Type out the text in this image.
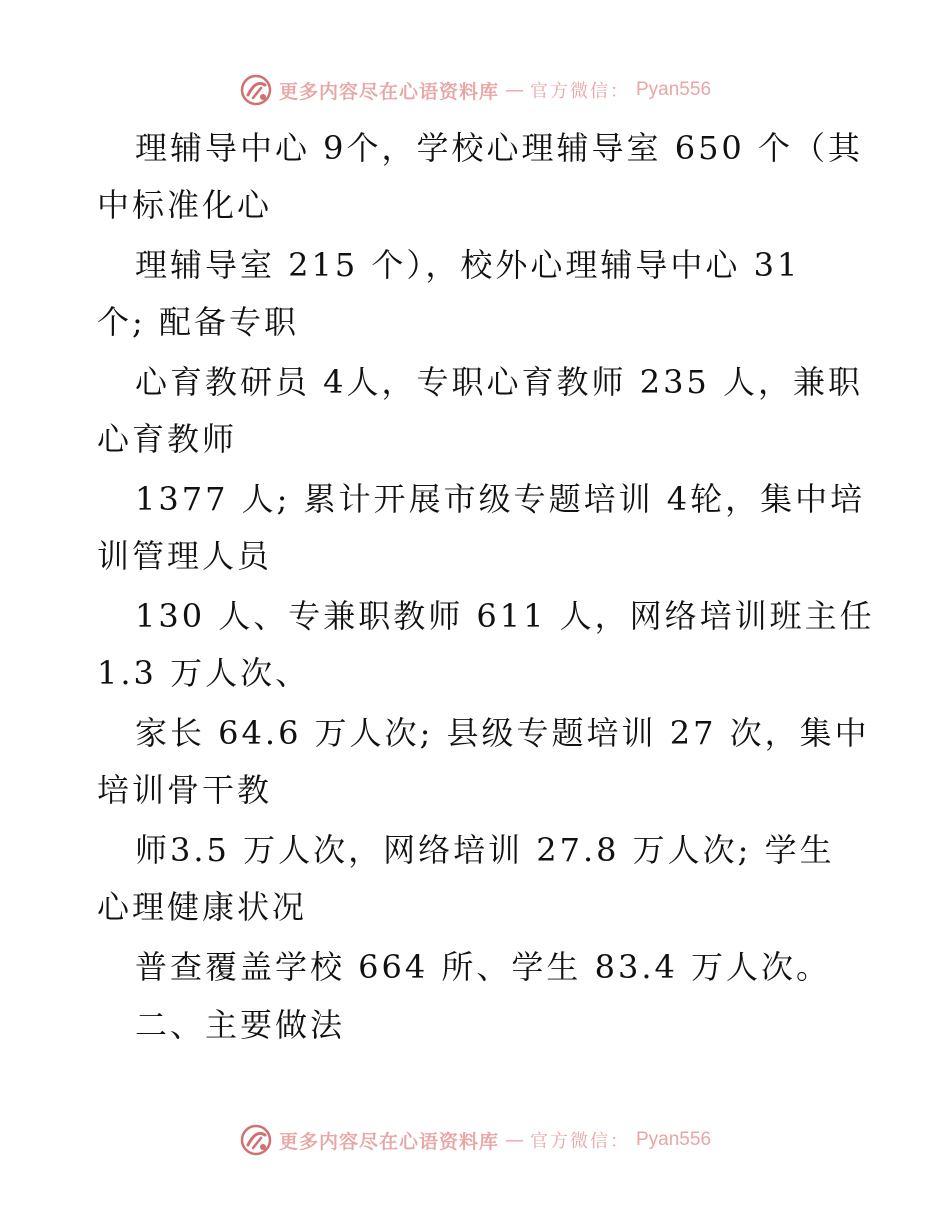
更多内容尽在心语资料库 — 官方微信： Pyan556
理辅导中心 9个，学校心理辅导室 650 个（其
中标准化心
理辅导室 215 个），校外心理辅导中心 31
个; 配备专职
心育教研员 4人，专职心育教师 235 人，兼职
心育教师
1377 人; 累计开展市级专题培训 4轮，集中培
训管理人员
130 人、专兼职教师 611 人，网络培训班主任
1.3 万人次、
家长 64.6 万人次; 县级专题培训 27 次，集中
培训骨干教
师3.5 万人次，网络培训 27.8 万人次; 学生
心理健康状况
普查覆盖学校 664 所、学生 83.4 万人次。
二、主要做法
更多内容尽在心语资料库 — 官方微信： Pyan556
